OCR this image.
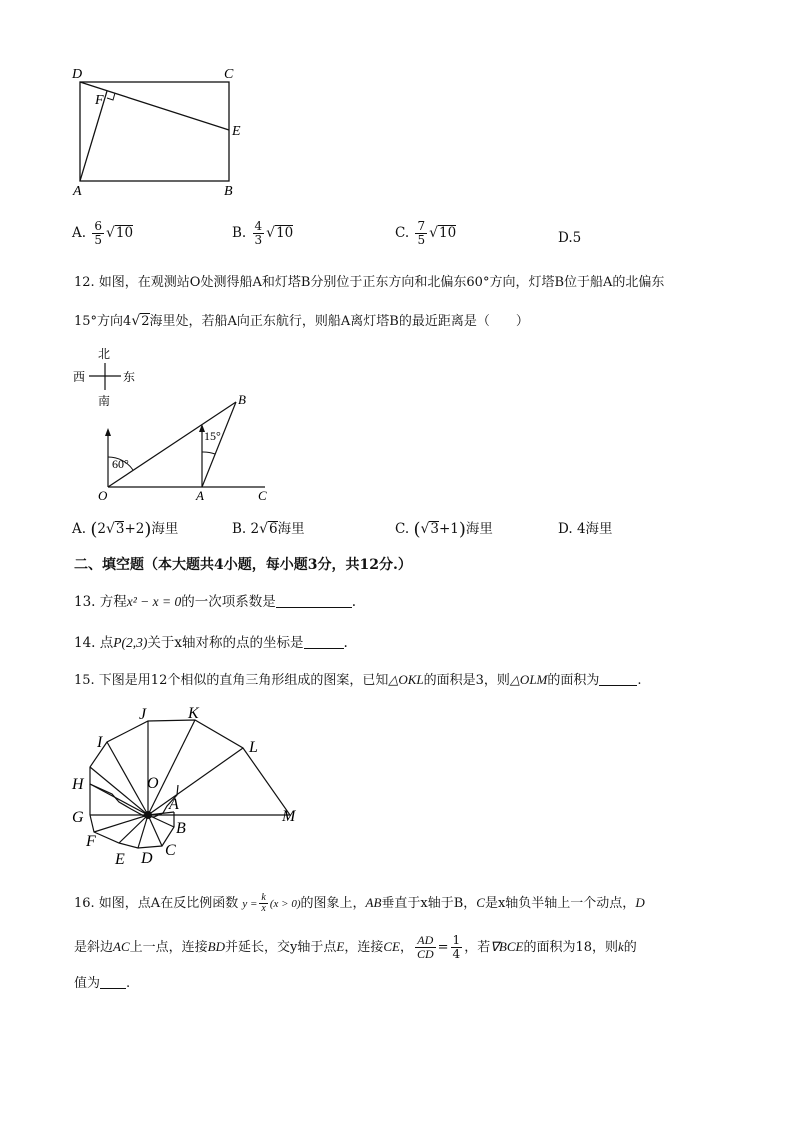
D	C
F
E
A	B
A. $\frac{6}{5} √10$	B. $\frac{4}{3} √10$	C. $\frac{7}{5} √10$	D.5
12. 如图，在观测站O处测得船A和灯塔B分别位于正东方向和北偏东60°方向，灯塔B位于船A的北偏东
15°方向4√2海里处，若船A向正东航行，则船A离灯塔B的最近距离是（　　）
北
西	东
南	B
15°
60°
O	A	C
A. (2√3+2)海里	B. 2√6海里	C. (√3+1)海里	D. 4海里
二、填空题（本大题共4小题，每小题3分，共12分.）
13. 方程x² − x = 0的一次项系数是	.
14. 点P(2,3)关于x轴对称的点的坐标是	.
15. 下图是用12个相似的直角三角形组成的图案，已知△OKL的面积是3，则△OLM的面积为	.
J	K
I	L
H	O
A
G	M
B
F
C
E D
16. 如图，点A在反比例函数 $y = \frac{k}{x} (x > 0)$的图象上，AB垂直于x轴于B，C是x轴负半轴上一个动点，D
是斜边AC上一点，连接BD并延长，交y轴于点E，连接CE， $\frac{AD}{CD} = \frac{1}{4}$ ，若∇BCE的面积为18，则k的
值为 .
